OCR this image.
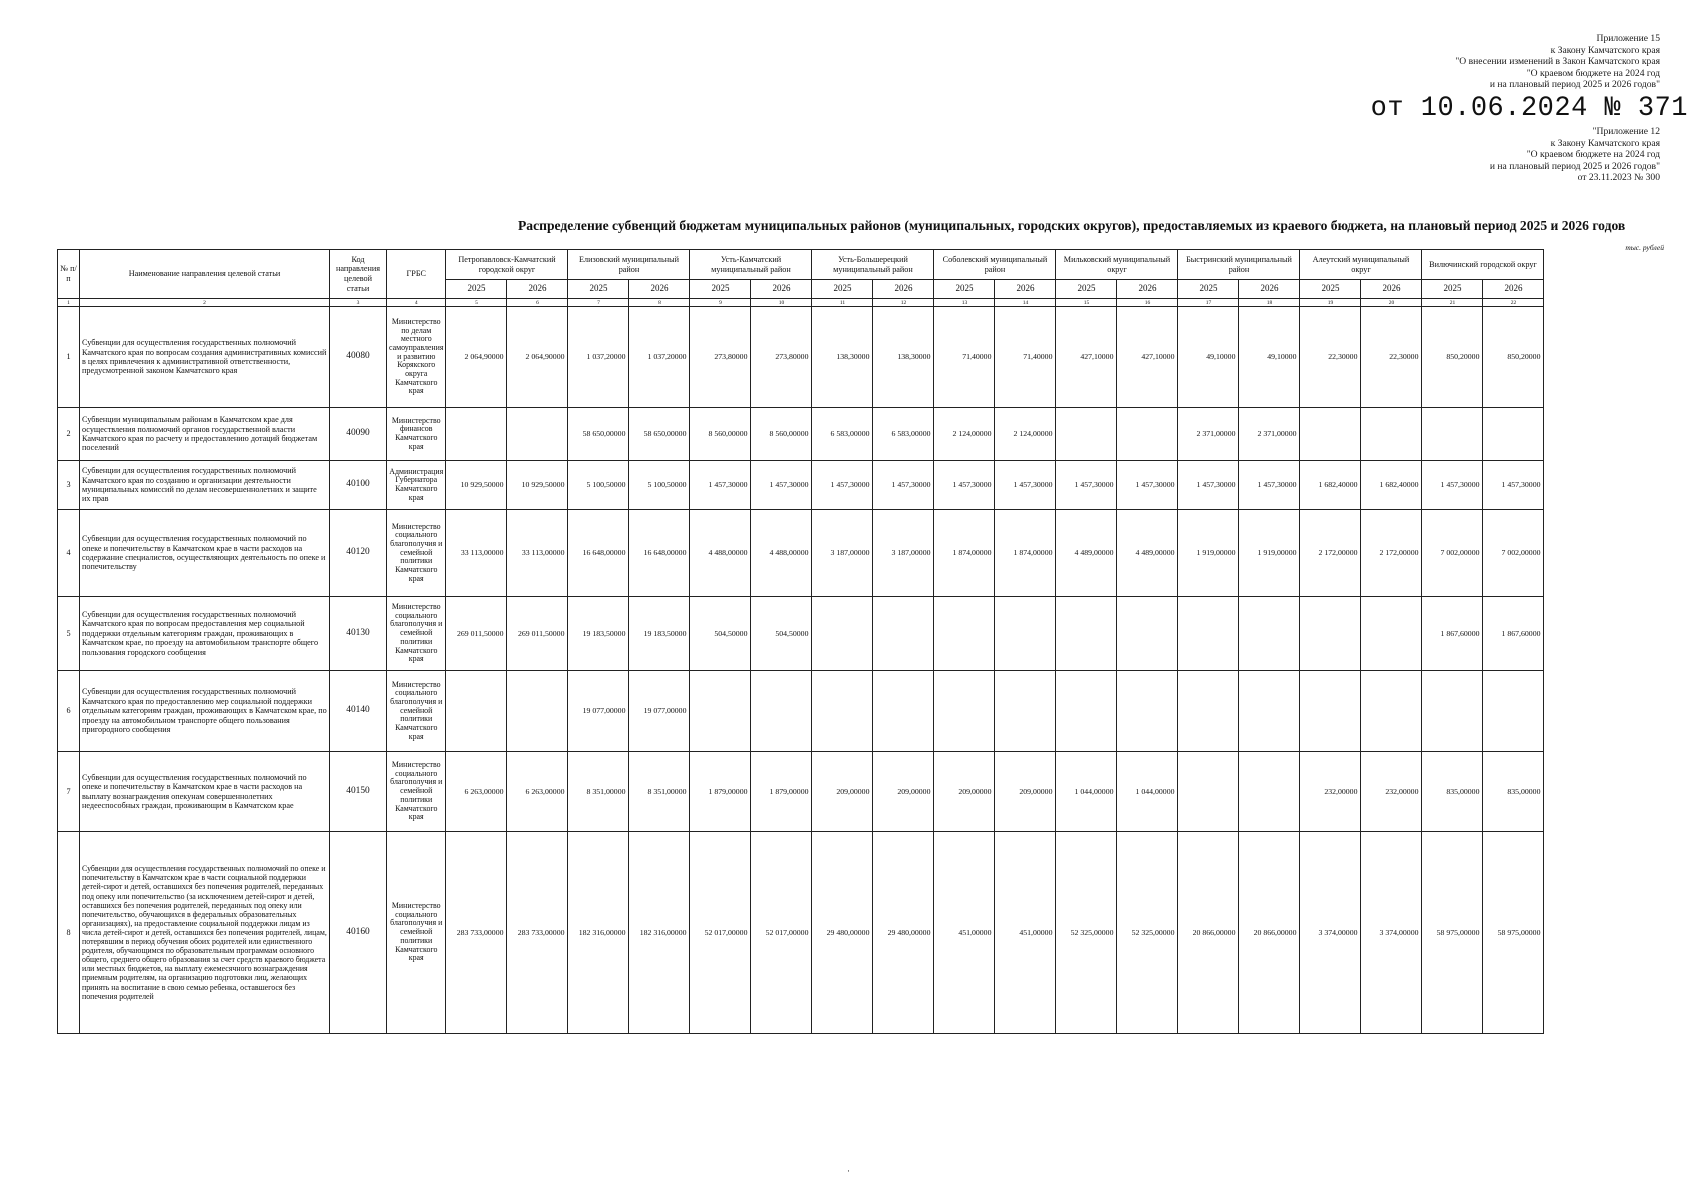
Приложение 15
к Закону Камчатского края
"О внесении изменений в Закон Камчатского края
"О краевом бюджете на 2024 год
и на плановый период 2025 и 2026 годов"
от 10.06.2024 № 371
"Приложение 12
к Закону Камчатского края
"О краевом бюджете на 2024 год
и на плановый период 2025 и 2026 годов"
от 23.11.2023 № 300
Распределение субвенций бюджетам муниципальных районов (муниципальных, городских округов), предоставляемых из краевого бюджета, на плановый период 2025 и 2026 годов
тыс. рублей
№ п/п	Наименование направления целевой статьи	Код направления целевой статьи	ГРБС	Петропавловск-Камчатский городской округ		Елизовский муниципальный район		Усть-Камчатский муниципальный район		Усть-Большерецкий муниципальный район		Соболевский муниципальный район		Мильковский муниципальный округ		Быстринский муниципальный район		Алеутский муниципальный округ		Вилючинский городской округ	
				2025	2026	2025	2026	2025	2026	2025	2026	2025	2026	2025	2026	2025	2026	2025	2026	2025	2026
1	2	3	4	5	6	7	8	9	10	11	12	13	14	15	16	17	18	19	20	21	22
1	Субвенции для осуществления государственных полномочий Камчатского края по вопросам создания административных комиссий в целях привлечения к административной ответственности, предусмотренной законом Камчатского края	40080	Министерство по делам местного самоуправления и развитию Корякского округа Камчатского края	2 064,90000	2 064,90000	1 037,20000	1 037,20000	273,80000	273,80000	138,30000	138,30000	71,40000	71,40000	427,10000	427,10000	49,10000	49,10000	22,30000	22,30000	850,20000	850,20000
2	Субвенции муниципальным районам в Камчатском крае для осуществления полномочий органов государственной власти Камчатского края по расчету и предоставлению дотаций бюджетам поселений	40090	Министерство финансов Камчатского края			58 650,00000	58 650,00000	8 560,00000	8 560,00000	6 583,00000	6 583,00000	2 124,00000	2 124,00000			2 371,00000	2 371,00000				
3	Субвенции для осуществления государственных полномочий Камчатского края по созданию и организации деятельности муниципальных комиссий по делам несовершеннолетних и защите их прав	40100	Администрация Губернатора Камчатского края	10 929,50000	10 929,50000	5 100,50000	5 100,50000	1 457,30000	1 457,30000	1 457,30000	1 457,30000	1 457,30000	1 457,30000	1 457,30000	1 457,30000	1 457,30000	1 457,30000	1 682,40000	1 682,40000	1 457,30000	1 457,30000
4	Субвенции для осуществления государственных полномочий по опеке и попечительству в Камчатском крае в части расходов на содержание специалистов, осуществляющих деятельность по опеке и попечительству	40120	Министерство социального благополучия и семейной политики Камчатского края	33 113,00000	33 113,00000	16 648,00000	16 648,00000	4 488,00000	4 488,00000	3 187,00000	3 187,00000	1 874,00000	1 874,00000	4 489,00000	4 489,00000	1 919,00000	1 919,00000	2 172,00000	2 172,00000	7 002,00000	7 002,00000
5	Субвенции для осуществления государственных полномочий Камчатского края по вопросам предоставления мер социальной поддержки отдельным категориям граждан, проживающих в Камчатском крае, по проезду на автомобильном транспорте общего пользования городского сообщения	40130	Министерство социального благополучия и семейной политики Камчатского края	269 011,50000	269 011,50000	19 183,50000	19 183,50000	504,50000	504,50000											1 867,60000	1 867,60000
6	Субвенции для осуществления государственных полномочий Камчатского края по предоставлению мер социальной поддержки отдельным категориям граждан, проживающих в Камчатском крае, по проезду на автомобильном транспорте общего пользования пригородного сообщения	40140	Министерство социального благополучия и семейной политики Камчатского края			19 077,00000	19 077,00000														
7	Субвенции для осуществления государственных полномочий по опеке и попечительству в Камчатском крае в части расходов на выплату вознаграждения опекунам совершеннолетних недееспособных граждан, проживающим в Камчатском крае	40150	Министерство социального благополучия и семейной политики Камчатского края	6 263,00000	6 263,00000	8 351,00000	8 351,00000	1 879,00000	1 879,00000	209,00000	209,00000	209,00000	209,00000	1 044,00000	1 044,00000			232,00000	232,00000	835,00000	835,00000
8	Субвенции для осуществления государственных полномочий по опеке и попечительству в Камчатском крае в части социальной поддержки детей-сирот и детей, оставшихся без попечения родителей, переданных под опеку или попечительство (за исключением детей-сирот и детей, оставшихся без попечения родителей, переданных под опеку или попечительство, обучающихся в федеральных образовательных организациях), на предоставление социальной поддержки лицам из числа детей-сирот и детей, оставшихся без попечения родителей, лицам, потерявшим в период обучения обоих родителей или единственного родителя, обучающимся по образовательным программам основного общего, среднего общего образования за счет средств краевого бюджета или местных бюджетов, на выплату ежемесячного вознаграждения приемным родителям, на организацию подготовки лиц, желающих принять на воспитание в свою семью ребенка, оставшегося без попечения родителей	40160	Министерство социального благополучия и семейной политики Камчатского края	283 733,00000	283 733,00000	182 316,00000	182 316,00000	52 017,00000	52 017,00000	29 480,00000	29 480,00000	451,00000	451,00000	52 325,00000	52 325,00000	20 866,00000	20 866,00000	3 374,00000	3 374,00000	58 975,00000	58 975,00000
·
